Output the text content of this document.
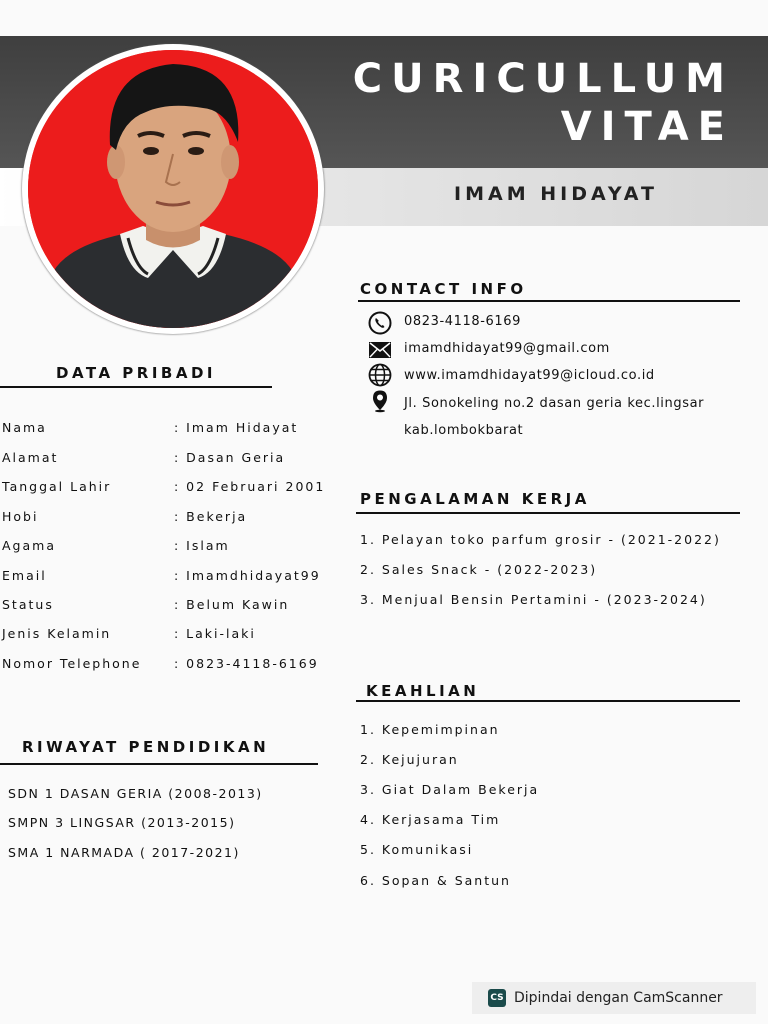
CURICULLUM
VITAE
IMAM HIDAYAT
DATA PRIBADI
Nama	: Imam Hidayat
Alamat	: Dasan Geria
Tanggal Lahir	: 02 Februari 2001
Hobi	: Bekerja
Agama	: Islam
Email	: Imamdhidayat99
Status	: Belum Kawin
Jenis Kelamin	: Laki-laki
Nomor Telephone	: 0823-4118-6169
RIWAYAT PENDIDIKAN
SDN 1 DASAN GERIA (2008-2013)
SMPN 3 LINGSAR (2013-2015)
SMA 1 NARMADA ( 2017-2021)
CONTACT INFO
0823-4118-6169
imamdhidayat99@gmail.com
www.imamdhidayat99@icloud.co.id
Jl. Sonokeling no.2 dasan geria kec.lingsar
kab.lombokbarat
PENGALAMAN KERJA
1. Pelayan toko parfum grosir - (2021-2022)
2. Sales Snack - (2022-2023)
3. Menjual Bensin Pertamini - (2023-2024)
KEAHLIAN
1. Kepemimpinan
2. Kejujuran
3. Giat Dalam Bekerja
4. Kerjasama Tim
5. Komunikasi
6. Sopan & Santun
CS Dipindai dengan CamScanner
